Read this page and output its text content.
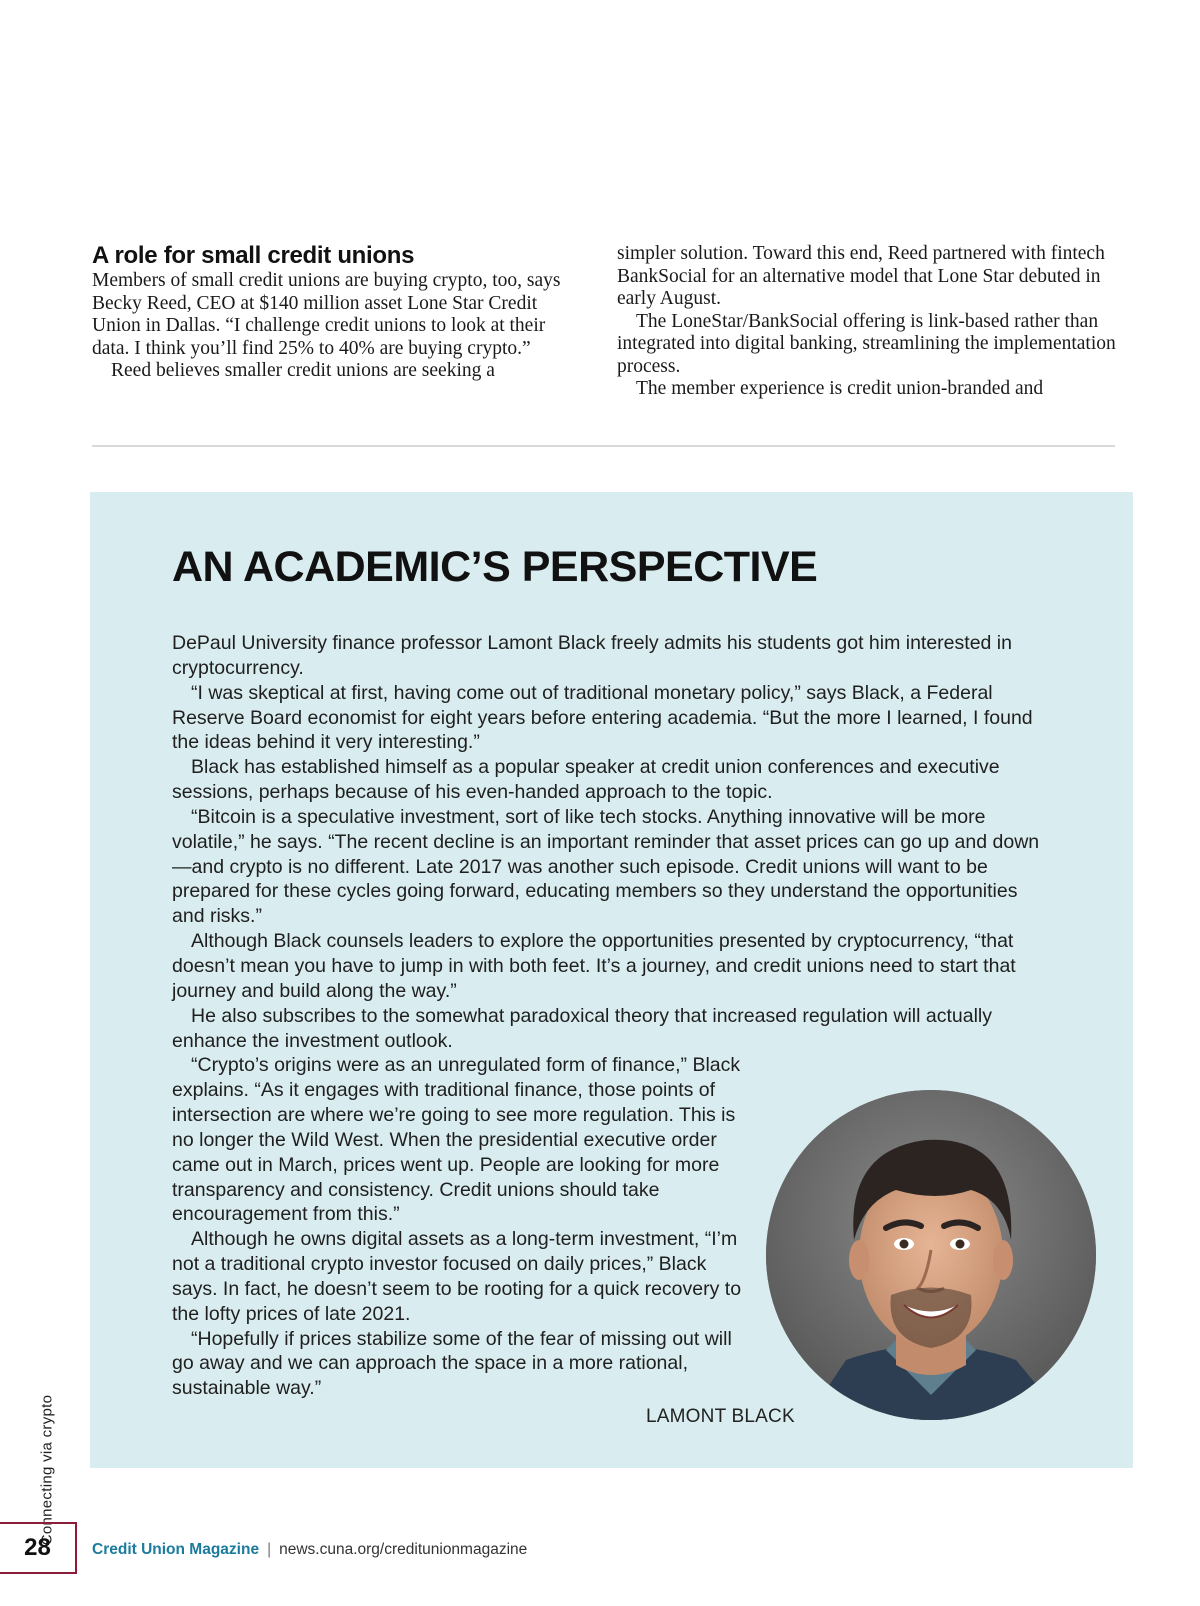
A role for small credit unions

Members of small credit unions are buying crypto, too, says Becky Reed, CEO at $140 million asset Lone Star Credit Union in Dallas. “I challenge credit unions to look at their data. I think you’ll find 25% to 40% are buying crypto.”

Reed believes smaller credit unions are seeking a

simpler solution. Toward this end, Reed partnered with fintech BankSocial for an alternative model that Lone Star debuted in early August.

The LoneStar/BankSocial offering is link-based rather than integrated into digital banking, streamlining the implementation process.

The member experience is credit union-branded and

AN ACADEMIC’S PERSPECTIVE

DePaul University finance professor Lamont Black freely admits his students got him interested in cryptocurrency.

“I was skeptical at first, having come out of traditional monetary policy,” says Black, a Federal Reserve Board economist for eight years before entering academia. “But the more I learned, I found the ideas behind it very interesting.”

Black has established himself as a popular speaker at credit union conferences and executive sessions, perhaps because of his even-handed approach to the topic.

“Bitcoin is a speculative investment, sort of like tech stocks. Anything innovative will be more volatile,” he says. “The recent decline is an important reminder that asset prices can go up and down—and crypto is no different. Late 2017 was another such episode. Credit unions will want to be prepared for these cycles going forward, educating members so they understand the opportunities and risks.”

Although Black counsels leaders to explore the opportunities presented by cryptocurrency, “that doesn’t mean you have to jump in with both feet. It’s a journey, and credit unions need to start that journey and build along the way.”

He also subscribes to the somewhat paradoxical theory that increased regulation will actually enhance the investment outlook.

“Crypto’s origins were as an unregulated form of finance,” Black explains. “As it engages with traditional finance, those points of intersection are where we’re going to see more regulation. This is no longer the Wild West. When the presidential executive order came out in March, prices went up. People are looking for more transparency and consistency. Credit unions should take encouragement from this.”

Although he owns digital assets as a long-term investment, “I’m not a traditional crypto investor focused on daily prices,” Black says. In fact, he doesn’t seem to be rooting for a quick recovery to the lofty prices of late 2021.

“Hopefully if prices stabilize some of the fear of missing out will go away and we can approach the space in a more rational, sustainable way.”

LAMONT BLACK
Connecting via crypto
28	Credit Union Magazine | news.cuna.org/creditunionmagazine
